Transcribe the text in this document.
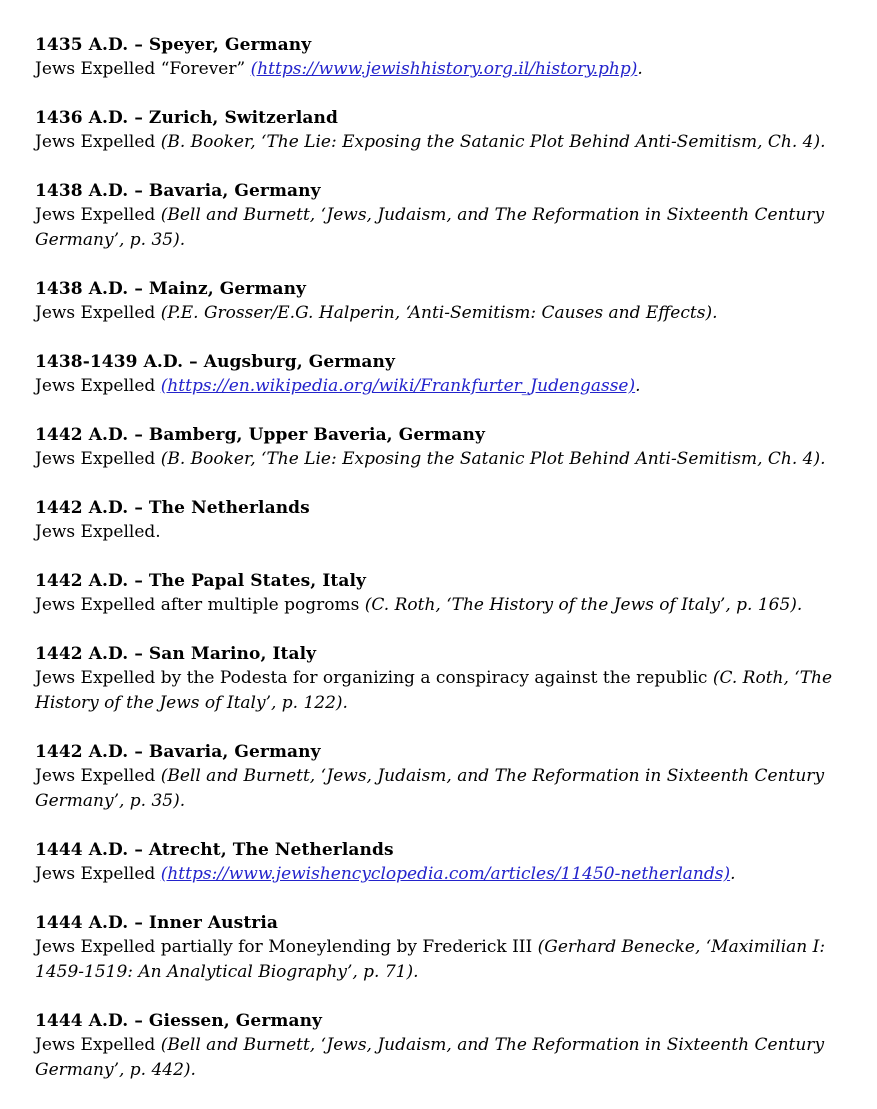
1435 A.D. – Speyer, Germany

Jews Expelled “Forever” (https://www.jewishhistory.org.il/history.php).

1436 A.D. – Zurich, Switzerland

Jews Expelled (B. Booker, ‘The Lie: Exposing the Satanic Plot Behind Anti-Semitism, Ch. 4).

1438 A.D. – Bavaria, Germany

Jews Expelled (Bell and Burnett, ‘Jews, Judaism, and The Reformation in Sixteenth Century Germany’, p. 35).

1438 A.D. – Mainz, Germany

Jews Expelled (P.E. Grosser/E.G. Halperin, ‘Anti-Semitism: Causes and Effects).

1438-1439 A.D. – Augsburg, Germany

Jews Expelled (https://en.wikipedia.org/wiki/Frankfurter_Judengasse).

1442 A.D. – Bamberg, Upper Baveria, Germany

Jews Expelled (B. Booker, ‘The Lie: Exposing the Satanic Plot Behind Anti-Semitism, Ch. 4).

1442 A.D. – The Netherlands

Jews Expelled.

1442 A.D. – The Papal States, Italy

Jews Expelled after multiple pogroms (C. Roth, ‘The History of the Jews of Italy’, p. 165).

1442 A.D. – San Marino, Italy

Jews Expelled by the Podesta for organizing a conspiracy against the republic (C. Roth, ‘The History of the Jews of Italy’, p. 122).

1442 A.D. – Bavaria, Germany

Jews Expelled (Bell and Burnett, ‘Jews, Judaism, and The Reformation in Sixteenth Century Germany’, p. 35).

1444 A.D. – Atrecht, The Netherlands

Jews Expelled (https://www.jewishencyclopedia.com/articles/11450-netherlands).

1444 A.D. – Inner Austria

Jews Expelled partially for Moneylending by Frederick III (Gerhard Benecke, ‘Maximilian I: 1459-1519: An Analytical Biography’, p. 71).

1444 A.D. – Giessen, Germany

Jews Expelled (Bell and Burnett, ‘Jews, Judaism, and The Reformation in Sixteenth Century Germany’, p. 442).
